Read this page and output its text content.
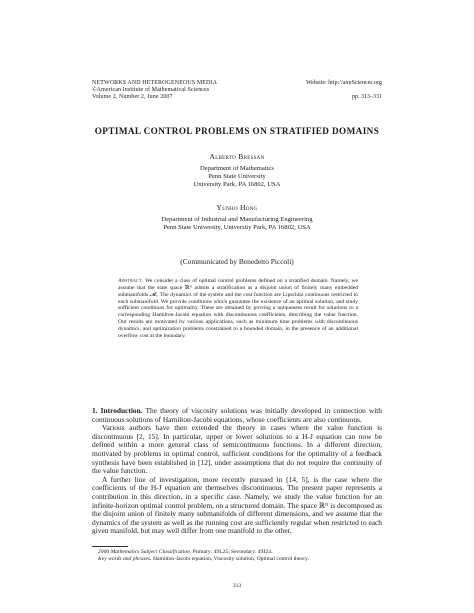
NETWORKS AND HETEROGENEOUS MEDIA
©American Institute of Mathematical Sciences
Volume 2, Number 2, June 2007
Website: http://aimSciences.org

pp. 313–331
OPTIMAL CONTROL PROBLEMS ON STRATIFIED DOMAINS
Alberto Bressan
Department of Mathematics
Penn State University
University Park, PA 16802, USA
Yunho Hong
Department of Industrial and Manufacturing Engineering
Penn State University, University Park, PA 16802, USA
(Communicated by Benedetto Piccoli)
Abstract. We consider a class of optimal control problems defined on a stratified domain. Namely, we assume that the state space ℝᴺ admits a stratification as a disjoint union of finitely many embedded submanifolds 𝓜ᵢ. The dynamics of the system and the cost function are Lipschitz continuous restricted to each submanifold. We provide conditions which guarantee the existence of an optimal solution, and study sufficient conditions for optimality. These are obtained by proving a uniqueness result for solutions to a corresponding Hamilton-Jacobi equation with discontinuous coefficients, describing the value function. Our results are motivated by various applications, such as minimum time problems with discontinuous dynamics, and optimization problems constrained to a bounded domain, in the presence of an additional overflow cost at the boundary.

1. Introduction. The theory of viscosity solutions was initially developed in connection with continuous solutions of Hamilton-Jacobi equations, whose coefficients are also continuous.

Various authors have then extended the theory in cases where the value function is discontinuous [2, 15]. In particular, upper or lower solutions to a H-J equation can now be defined within a more general class of semicontinuous functions. In a different direction, motivated by problems in optimal control, sufficient conditions for the optimality of a feedback synthesis have been established in [12], under assumptions that do not require the continuity of the value function.

A further line of investigation, more recently pursued in [14, 5], is the case where the coefficients of the H-J equation are themselves discontinuous. The present paper represents a contribution in this direction, in a specific case. Namely, we study the value function for an infinite-horizon optimal control problem, on a structured domain. The space ℝᴺ is decomposed as the disjoint union of finitely many submanifolds of different dimensions, and we assume that the dynamics of the system as well as the running cost are sufficiently regular when restricted to each given manifold, but may well differ from one manifold to the other.

2000 Mathematics Subject Classification. Primary: 49L25; Secondary: 49J24.

Key words and phrases. Hamilton-Jacobi equation, Viscosity solution, Optimal control theory.

313
